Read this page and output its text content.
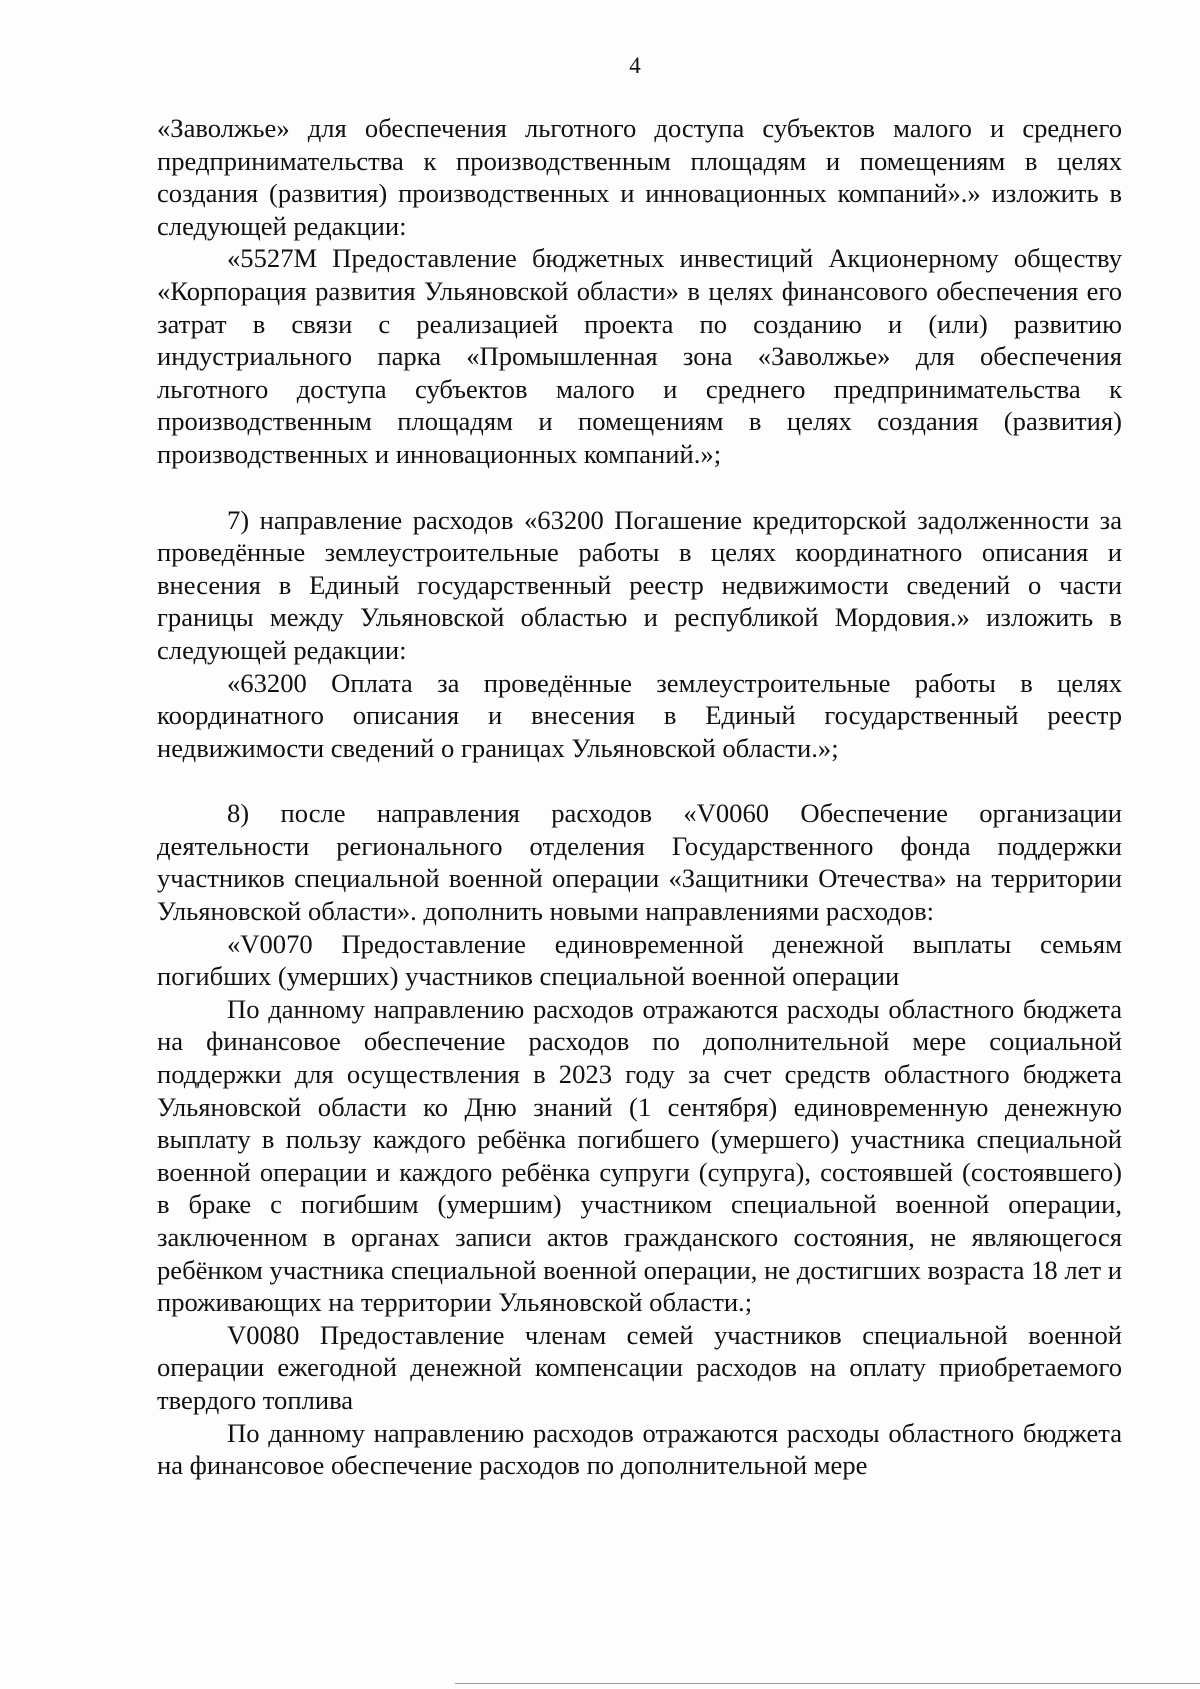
4

«Заволжье» для обеспечения льготного доступа субъектов малого и среднего предпринимательства к производственным площадям и помещениям в целях создания (развития) производственных и инновационных компаний».» изложить в следующей редакции:

«5527М Предоставление бюджетных инвестиций Акционерному обществу «Корпорация развития Ульяновской области» в целях финансового обеспечения его затрат в связи с реализацией проекта по созданию и (или) развитию индустриального парка «Промышленная зона «Заволжье» для обеспечения льготного доступа субъектов малого и среднего предпринимательства к производственным площадям и помещениям в целях создания (развития) производственных и инновационных компаний.»;

7) направление расходов «63200 Погашение кредиторской задолженности за проведённые землеустроительные работы в целях координатного описания и внесения в Единый государственный реестр недвижимости сведений о части границы между Ульяновской областью и республикой Мордовия.» изложить в следующей редакции:

«63200 Оплата за проведённые землеустроительные работы в целях координатного описания и внесения в Единый государственный реестр недвижимости сведений о границах Ульяновской области.»;

8) после направления расходов «V0060 Обеспечение организации деятельности регионального отделения Государственного фонда поддержки участников специальной военной операции «Защитники Отечества» на территории Ульяновской области». дополнить новыми направлениями расходов:

«V0070 Предоставление единовременной денежной выплаты семьям погибших (умерших) участников специальной военной операции

По данному направлению расходов отражаются расходы областного бюджета на финансовое обеспечение расходов по дополнительной мере социальной поддержки для осуществления в 2023 году за счет средств областного бюджета Ульяновской области ко Дню знаний (1 сентября) единовременную денежную выплату в пользу каждого ребёнка погибшего (умершего) участника специальной военной операции и каждого ребёнка супруги (супруга), состоявшей (состоявшего) в браке с погибшим (умершим) участником специальной военной операции, заключенном в органах записи актов гражданского состояния, не являющегося ребёнком участника специальной военной операции, не достигших возраста 18 лет и проживающих на территории Ульяновской области.;

V0080 Предоставление членам семей участников специальной военной операции ежегодной денежной компенсации расходов на оплату приобретаемого твердого топлива

По данному направлению расходов отражаются расходы областного бюджета на финансовое обеспечение расходов по дополнительной мере
